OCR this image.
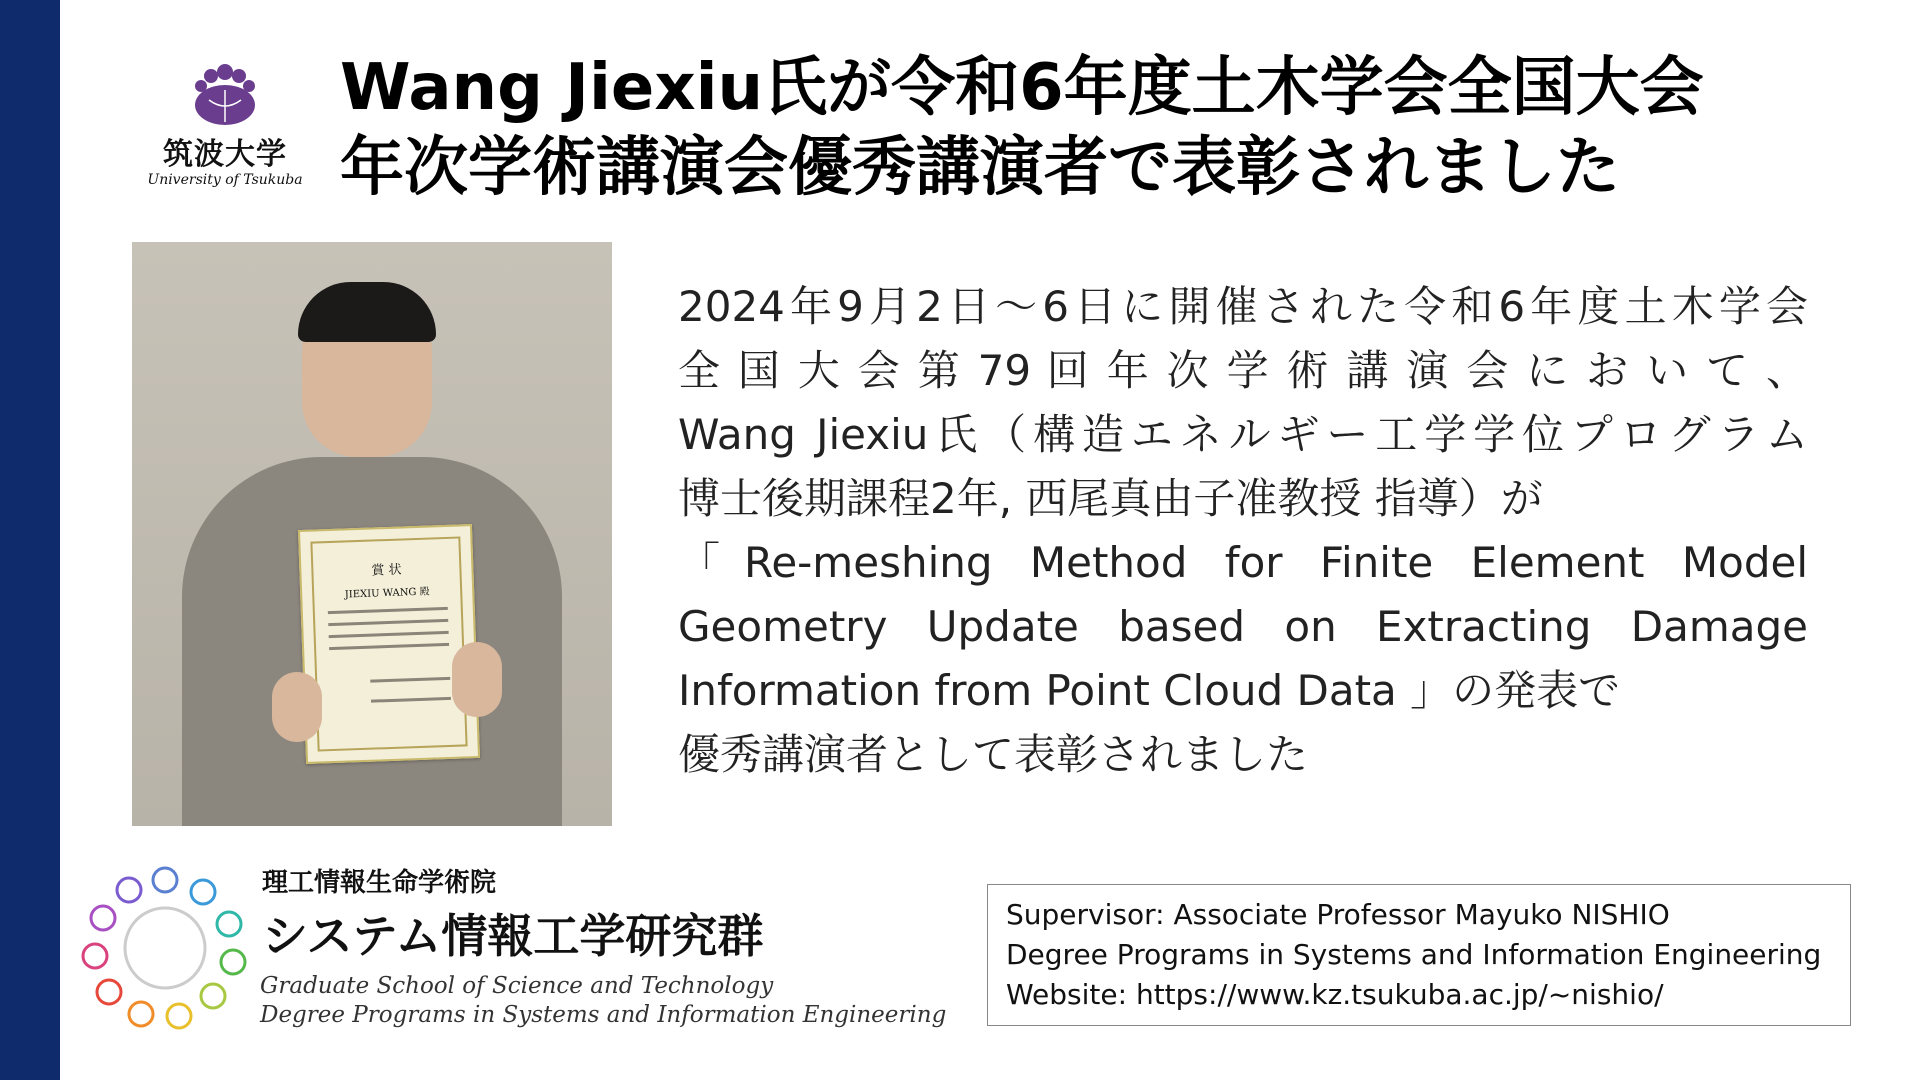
筑波大学
University of Tsukuba
Wang Jiexiu氏が令和6年度土木学会全国大会
年次学術講演会優秀講演者で表彰されました
賞 状
JIEXIU WANG 殿
2024年9月2日～6日に開催された令和6年度土木学会
全 国 大 会 第 79 回 年 次 学 術 講 演 会 に お い て 、
Wang Jiexiu氏（構造エネルギー工学学位プログラム
博士後期課程2年, 西尾真由子准教授 指導）が
「Re-meshing Method for Finite Element Model
Geometry Update based on Extracting Damage
Information from Point Cloud Data 」の発表で
優秀講演者として表彰されました
理工情報生命学術院
システム情報工学研究群
Graduate School of Science and Technology
Degree Programs in Systems and Information Engineering
Supervisor: Associate Professor Mayuko NISHIO
Degree Programs in Systems and Information Engineering
Website: https://www.kz.tsukuba.ac.jp/~nishio/
